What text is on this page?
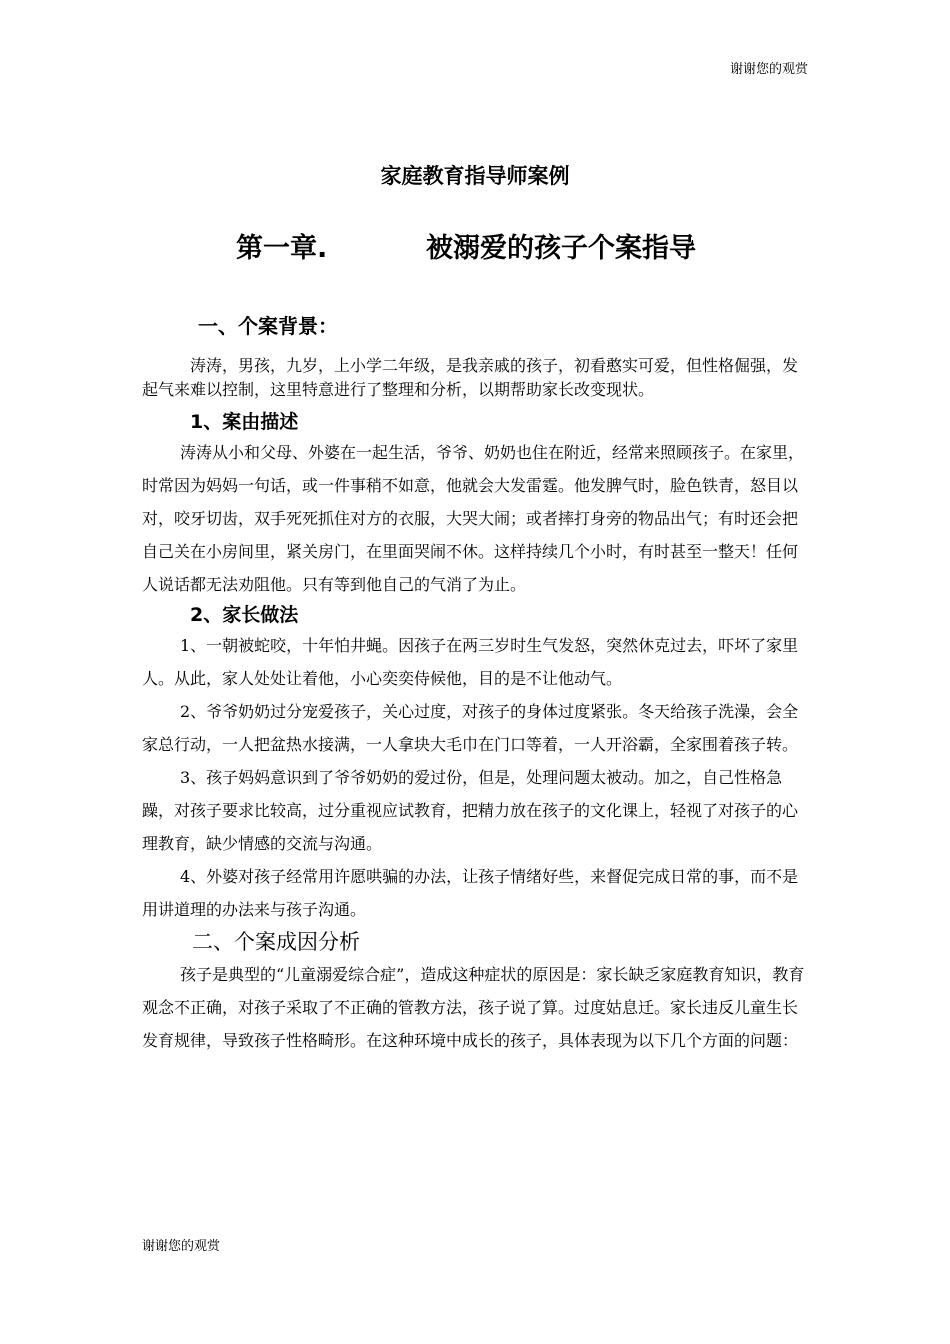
谢谢您的观赏
家庭教育指导师案例
第一章.	被溺爱的孩子个案指导
一、个案背景：

涛涛，男孩，九岁，上小学二年级，是我亲戚的孩子，初看憨实可爱，但性格倔强，发起气来难以控制，这里特意进行了整理和分析，以期帮助家长改变现状。

1、案由描述

涛涛从小和父母、外婆在一起生活，爷爷、奶奶也住在附近，经常来照顾孩子。在家里，时常因为妈妈一句话，或一件事稍不如意，他就会大发雷霆。他发脾气时，脸色铁青，怒目以对，咬牙切齿，双手死死抓住对方的衣服，大哭大闹；或者摔打身旁的物品出气；有时还会把自己关在小房间里，紧关房门，在里面哭闹不休。这样持续几个小时，有时甚至一整天！任何人说话都无法劝阻他。只有等到他自己的气消了为止。

2、家长做法

1、一朝被蛇咬，十年怕井蝇。因孩子在两三岁时生气发怒，突然休克过去，吓坏了家里人。从此，家人处处让着他，小心奕奕侍候他，目的是不让他动气。

2、爷爷奶奶过分宠爱孩子，关心过度，对孩子的身体过度紧张。冬天给孩子洗澡，会全家总行动，一人把盆热水接满，一人拿块大毛巾在门口等着，一人开浴霸，全家围着孩子转。

3、孩子妈妈意识到了爷爷奶奶的爱过份，但是，处理问题太被动。加之，自己性格急躁，对孩子要求比较高，过分重视应试教育，把精力放在孩子的文化课上，轻视了对孩子的心理教育，缺少情感的交流与沟通。

4、外婆对孩子经常用许愿哄骗的办法，让孩子情绪好些，来督促完成日常的事，而不是用讲道理的办法来与孩子沟通。

二、个案成因分析

孩子是典型的“儿童溺爱综合症”，造成这种症状的原因是：家长缺乏家庭教育知识，教育观念不正确，对孩子采取了不正确的管教方法，孩子说了算。过度姑息迁。家长违反儿童生长发育规律，导致孩子性格畸形。在这种环境中成长的孩子，具体表现为以下几个方面的问题：

谢谢您的观赏
